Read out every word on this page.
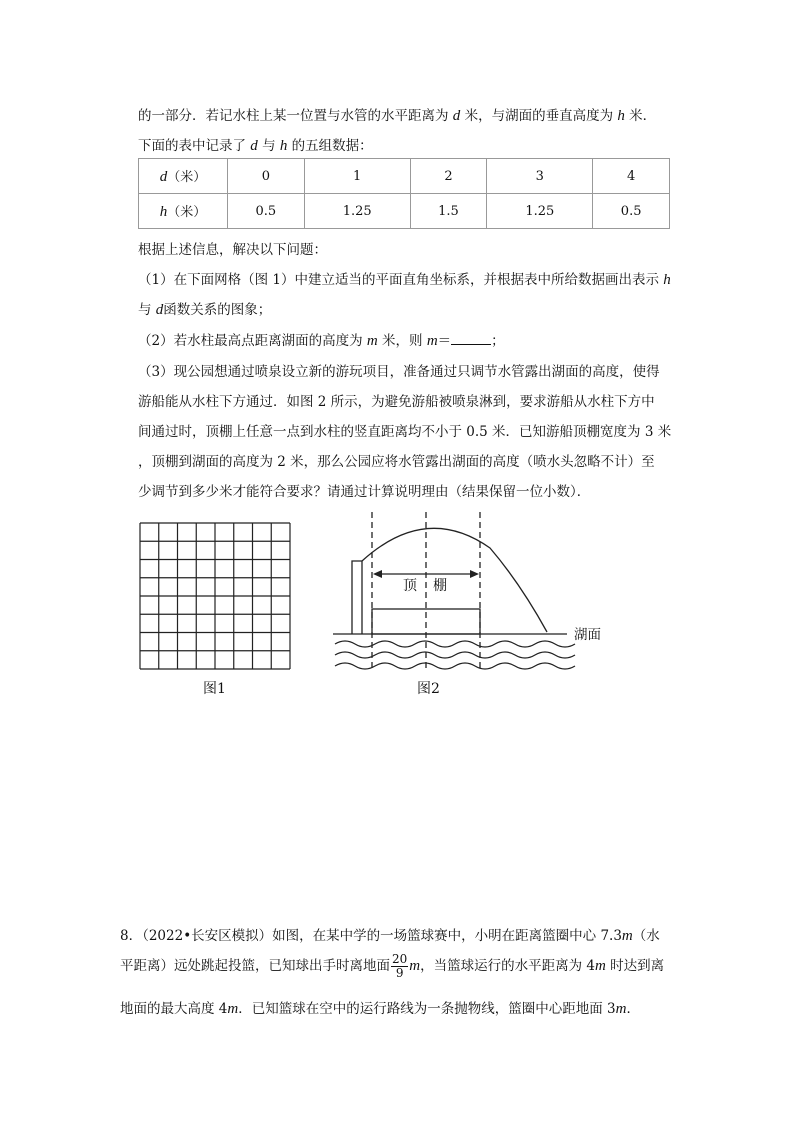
的一部分．若记水柱上某一位置与水管的水平距离为 d 米，与湖面的垂直高度为 h 米．
下面的表中记录了 d 与 h 的五组数据：
d（米）	0	1	2	3	4
h（米）	0.5	1.25	1.5	1.25	0.5
根据上述信息，解决以下问题：
（1）在下面网格（图 1）中建立适当的平面直角坐标系，并根据表中所给数据画出表示 h
与 d函数关系的图象；
（2）若水柱最高点距离湖面的高度为 m 米，则 m＝	；
（3）现公园想通过喷泉设立新的游玩项目，准备通过只调节水管露出湖面的高度，使得
游船能从水柱下方通过．如图 2 所示，为避免游船被喷泉淋到，要求游船从水柱下方中
间通过时，顶棚上任意一点到水柱的竖直距离均不小于 0.5 米．已知游船顶棚宽度为 3 米
，顶棚到湖面的高度为 2 米，那么公园应将水管露出湖面的高度（喷水头忽略不计）至
少调节到多少米才能符合要求？请通过计算说明理由（结果保留一位小数）．
图1
顶 棚
湖面
图2
8．（2022•长安区模拟）如图，在某中学的一场篮球赛中，小明在距离篮圈中心 7.3m（水
平距离）远处跳起投篮，已知球出手时离地面 $\frac{20}{9}$ m，当篮球运行的水平距离为 4m 时达到离
地面的最大高度 4m．已知篮球在空中的运行路线为一条抛物线，篮圈中心距地面 3m．
